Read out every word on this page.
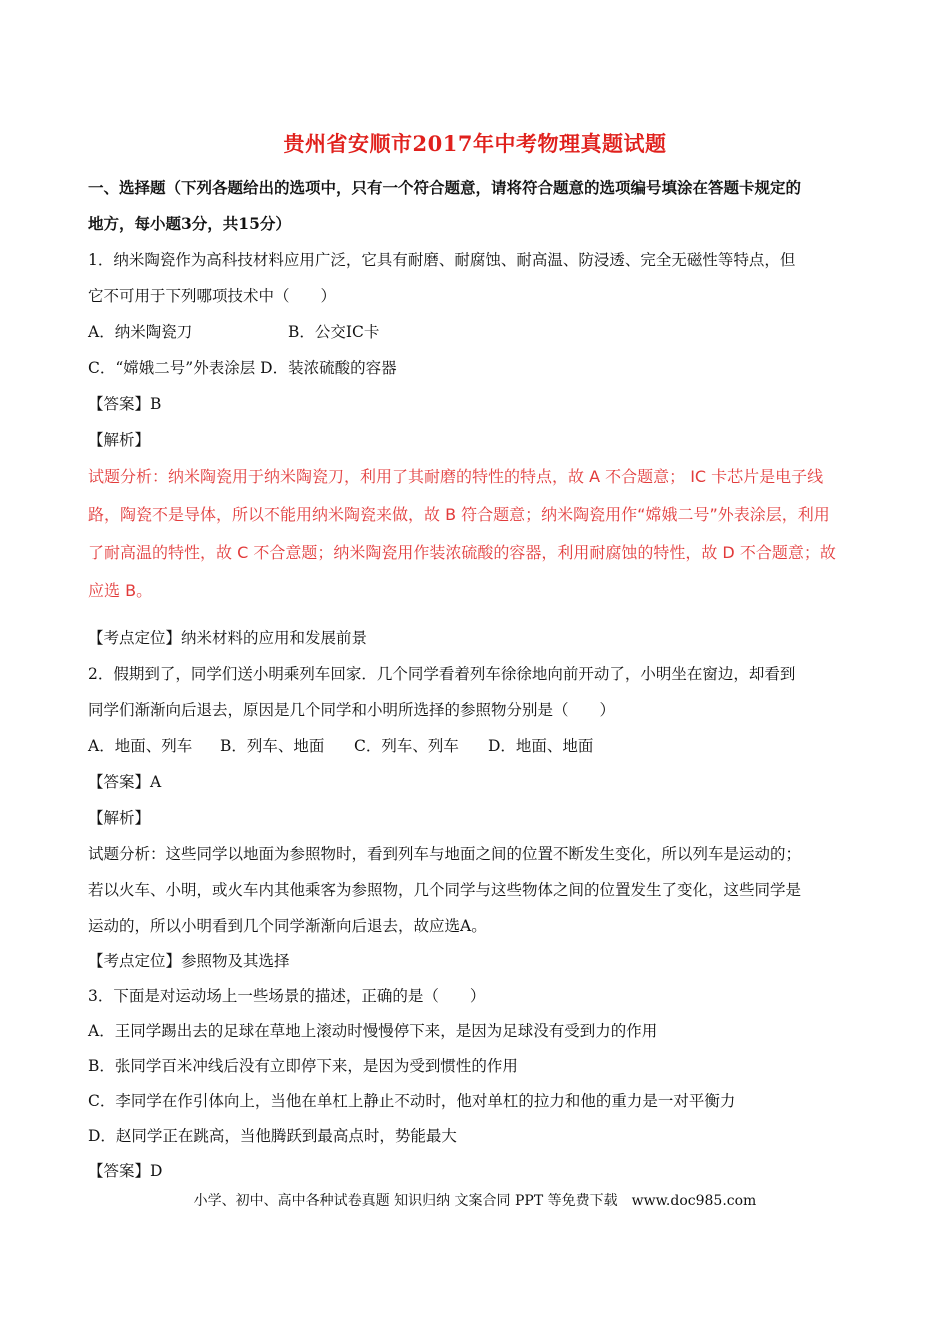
贵州省安顺市2017年中考物理真题试题
一、选择题（下列各题给出的选项中，只有一个符合题意，请将符合题意的选项编号填涂在答题卡规定的
地方，每小题3分，共15分）
1．纳米陶瓷作为高科技材料应用广泛，它具有耐磨、耐腐蚀、耐高温、防浸透、完全无磁性等特点，但
它不可用于下列哪项技术中（　　）
A．纳米陶瓷刀	B．公交IC卡
C．“嫦娥二号”外表涂层 D．装浓硫酸的容器
【答案】B
【解析】
试题分析：纳米陶瓷用于纳米陶瓷刀，利用了其耐磨的特性的特点，故 A 不合题意； IC 卡芯片是电子线
路，陶瓷不是导体，所以不能用纳米陶瓷来做，故 B 符合题意；纳米陶瓷用作“嫦娥二号”外表涂层，利用
了耐高温的特性，故 C 不合意题；纳米陶瓷用作装浓硫酸的容器，利用耐腐蚀的特性，故 D 不合题意；故
应选 B。
【考点定位】纳米材料的应用和发展前景
2．假期到了，同学们送小明乘列车回家．几个同学看着列车徐徐地向前开动了，小明坐在窗边，却看到
同学们渐渐向后退去，原因是几个同学和小明所选择的参照物分别是（　　）
A．地面、列车	B．列车、地面	C．列车、列车	D．地面、地面
【答案】A
【解析】
试题分析：这些同学以地面为参照物时，看到列车与地面之间的位置不断发生变化，所以列车是运动的；
若以火车、小明，或火车内其他乘客为参照物，几个同学与这些物体之间的位置发生了变化，这些同学是
运动的，所以小明看到几个同学渐渐向后退去，故应选A。
【考点定位】参照物及其选择
3．下面是对运动场上一些场景的描述，正确的是（　　）
A．王同学踢出去的足球在草地上滚动时慢慢停下来，是因为足球没有受到力的作用
B．张同学百米冲线后没有立即停下来，是因为受到惯性的作用
C．李同学在作引体向上，当他在单杠上静止不动时，他对单杠的拉力和他的重力是一对平衡力
D．赵同学正在跳高，当他腾跃到最高点时，势能最大
【答案】D
小学、初中、高中各种试卷真题 知识归纳 文案合同 PPT 等免费下载　www.doc985.com
